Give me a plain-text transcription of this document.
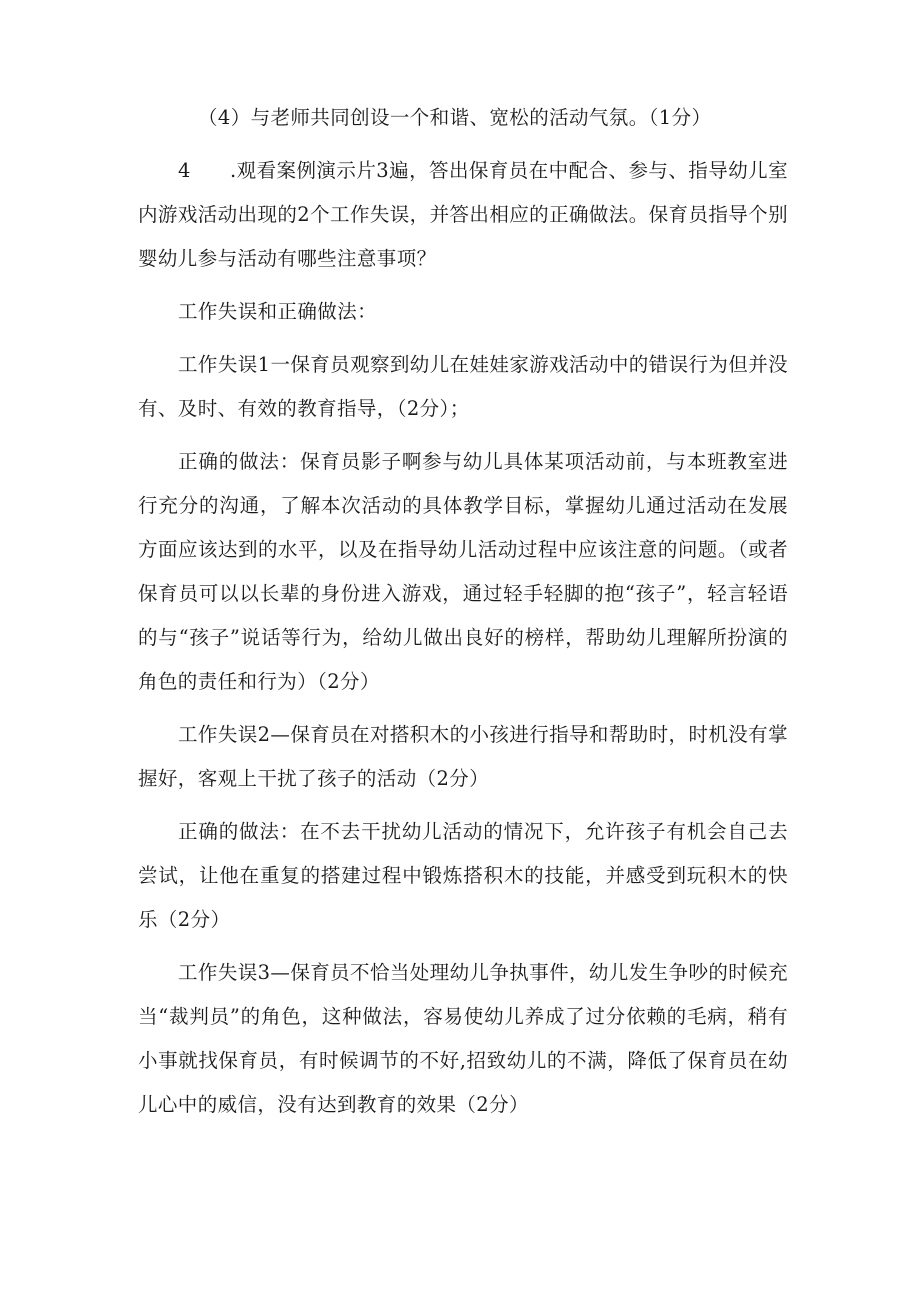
（4）与老师共同创设一个和谐、宽松的活动气氛。（1分）

4 .观看案例演示片3遍，答出保育员在中配合、参与、指导幼儿室内游戏活动出现的2个工作失误，并答出相应的正确做法。保育员指导个别婴幼儿参与活动有哪些注意事项？

工作失误和正确做法：

工作失误1一保育员观察到幼儿在娃娃家游戏活动中的错误行为但并没有、及时、有效的教育指导，（2分）；

正确的做法：保育员影子啊参与幼儿具体某项活动前，与本班教室进行充分的沟通，了解本次活动的具体教学目标，掌握幼儿通过活动在发展方面应该达到的水平，以及在指导幼儿活动过程中应该注意的问题。（或者保育员可以以长辈的身份进入游戏，通过轻手轻脚的抱“孩子”，轻言轻语的与“孩子”说话等行为，给幼儿做出良好的榜样，帮助幼儿理解所扮演的角色的责任和行为）（2分）

工作失误2—保育员在对搭积木的小孩进行指导和帮助时，时机没有掌握好，客观上干扰了孩子的活动（2分）

正确的做法：在不去干扰幼儿活动的情况下，允许孩子有机会自己去尝试，让他在重复的搭建过程中锻炼搭积木的技能，并感受到玩积木的快乐（2分）

工作失误3—保育员不恰当处理幼儿争执事件，幼儿发生争吵的时候充当“裁判员”的角色，这种做法，容易使幼儿养成了过分依赖的毛病，稍有小事就找保育员，有时候调节的不好,招致幼儿的不满，降低了保育员在幼儿心中的威信，没有达到教育的效果（2分）
